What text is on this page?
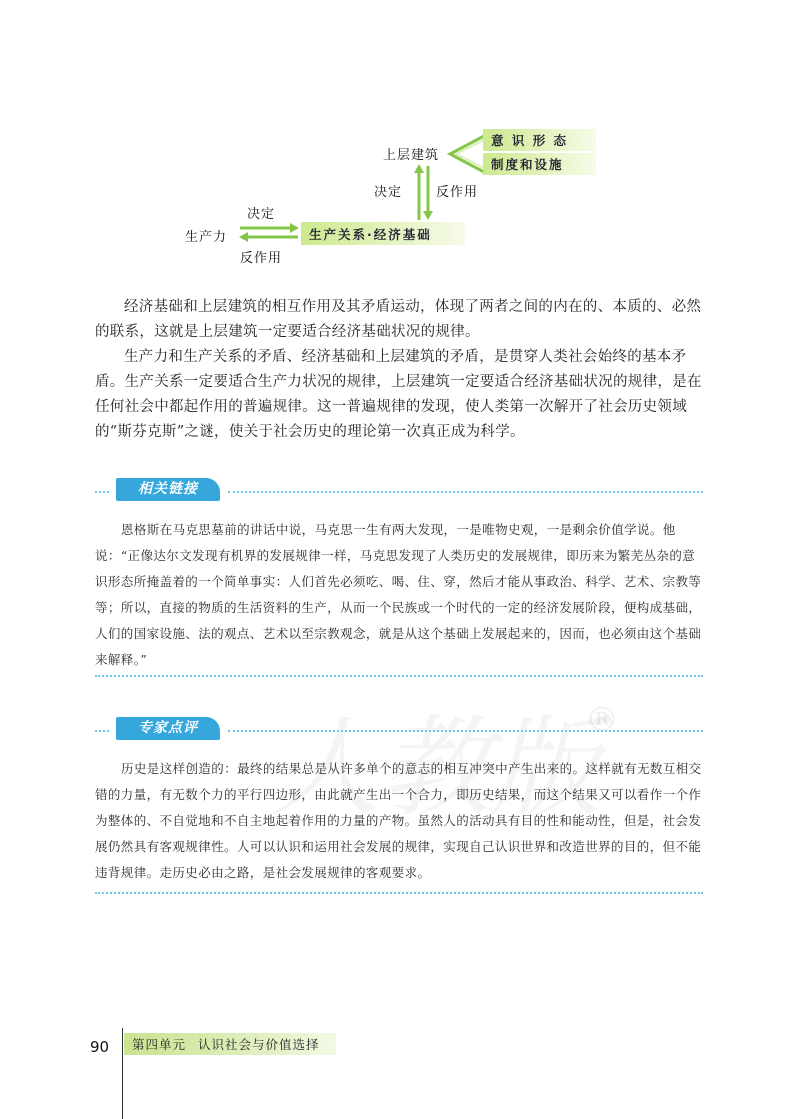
上层建筑
意 识 形 态
制度和设施
决定	反作用
生产力
决定
生产关系·经济基础
反作用
经济基础和上层建筑的相互作用及其矛盾运动，体现了两者之间的内在的、本质的、必然的联系，这就是上层建筑一定要适合经济基础状况的规律。
生产力和生产关系的矛盾、经济基础和上层建筑的矛盾，是贯穿人类社会始终的基本矛盾。生产关系一定要适合生产力状况的规律，上层建筑一定要适合经济基础状况的规律，是在任何社会中都起作用的普遍规律。这一普遍规律的发现，使人类第一次解开了社会历史领域的“斯芬克斯”之谜，使关于社会历史的理论第一次真正成为科学。
相关链接
恩格斯在马克思墓前的讲话中说，马克思一生有两大发现，一是唯物史观，一是剩余价值学说。他说：“正像达尔文发现有机界的发展规律一样，马克思发现了人类历史的发展规律，即历来为繁芜丛杂的意识形态所掩盖着的一个简单事实：人们首先必须吃、喝、住、穿，然后才能从事政治、科学、艺术、宗教等等；所以，直接的物质的生活资料的生产，从而一个民族或一个时代的一定的经济发展阶段，便构成基础，人们的国家设施、法的观点、艺术以至宗教观念，就是从这个基础上发展起来的，因而，也必须由这个基础来解释。”
®
专家点评
历史是这样创造的：最终的结果总是从许多单个的意志的相互冲突中产生出来的。这样就有无数互相交错的力量，有无数个力的平行四边形，由此就产生出一个合力，即历史结果，而这个结果又可以看作一个作为整体的、不自觉地和不自主地起着作用的力量的产物。虽然人的活动具有目的性和能动性，但是，社会发展仍然具有客观规律性。人可以认识和运用社会发展的规律，实现自己认识世界和改造世界的目的，但不能违背规律。走历史必由之路，是社会发展规律的客观要求。
90 第四单元 认识社会与价值选择
